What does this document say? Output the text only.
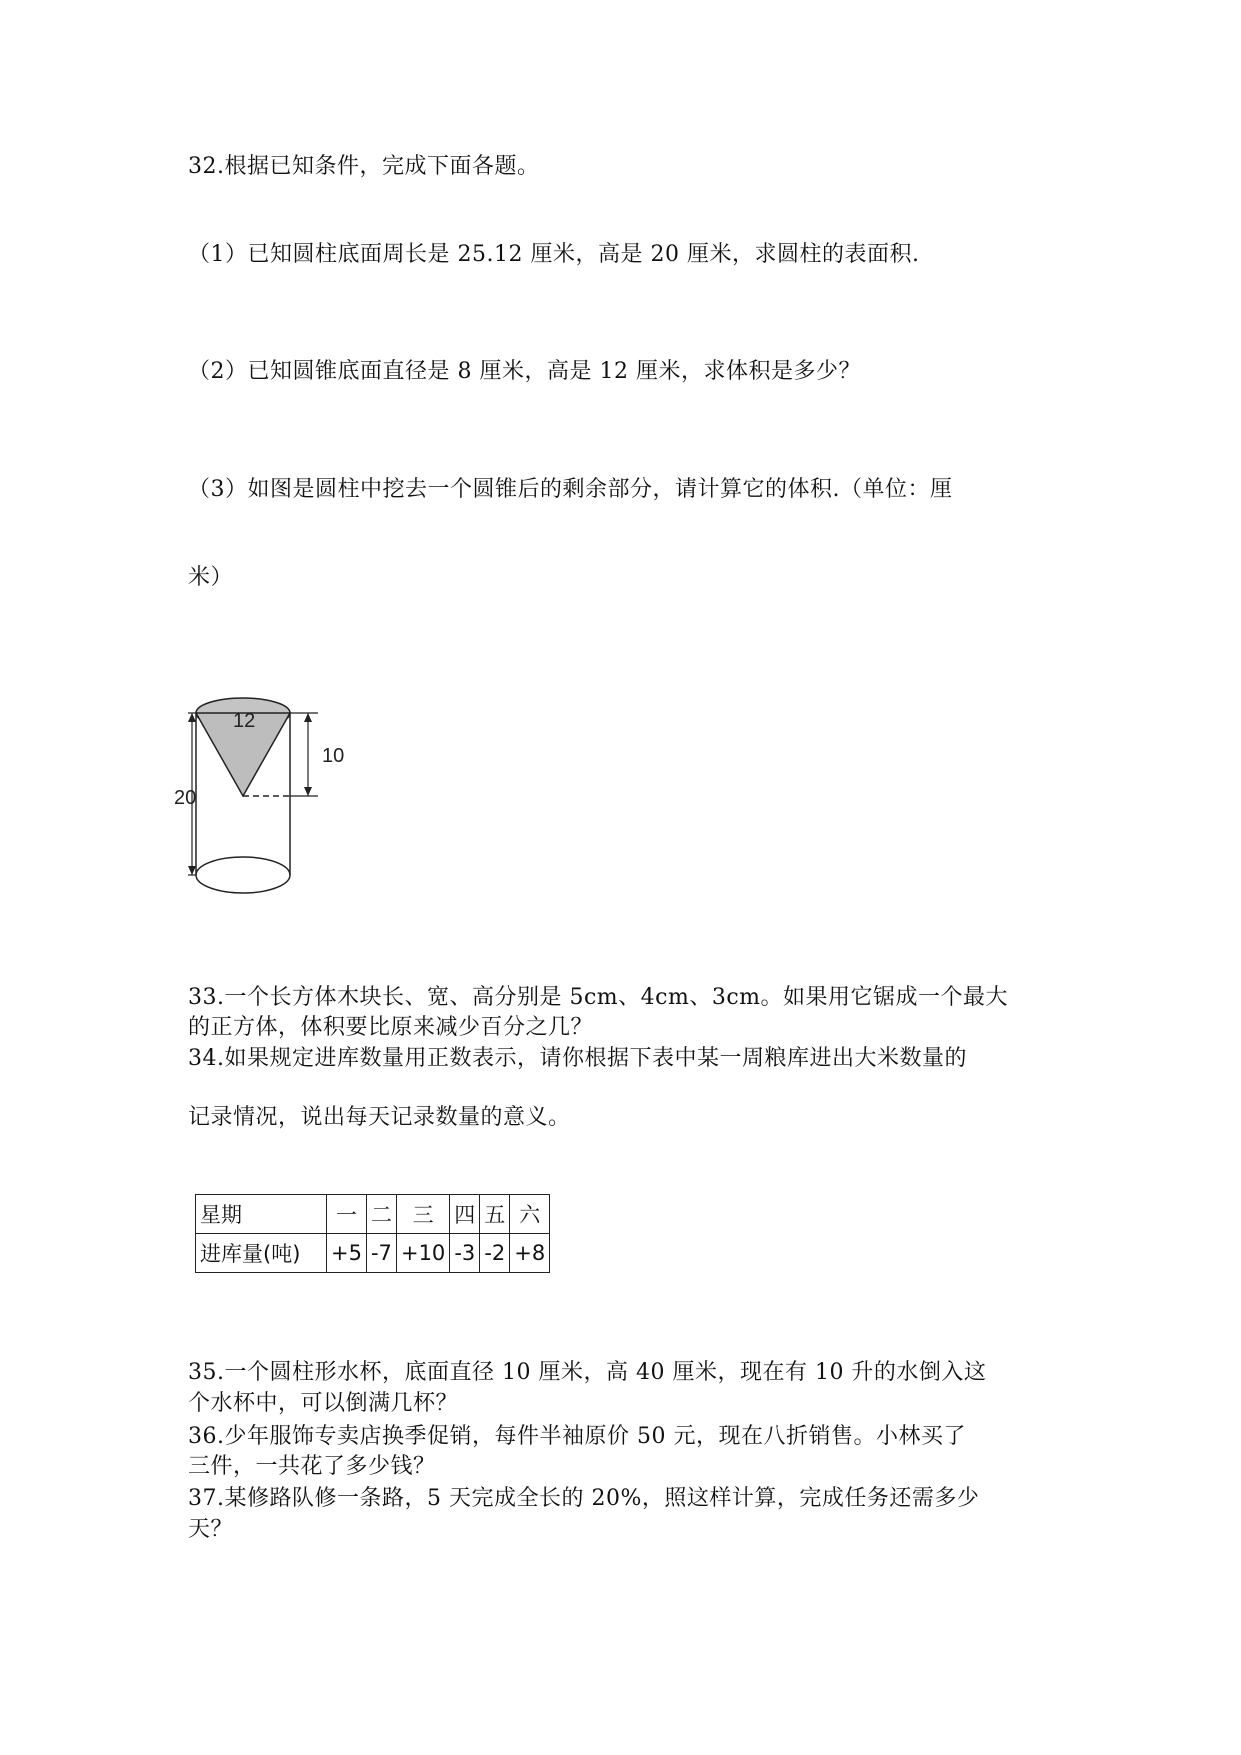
32.根据已知条件，完成下面各题。
（1）已知圆柱底面周长是 25.12 厘米，高是 20 厘米，求圆柱的表面积.
（2）已知圆锥底面直径是 8 厘米，高是 12 厘米，求体积是多少？
（3）如图是圆柱中挖去一个圆锥后的剩余部分，请计算它的体积.（单位：厘
米）
12
10
20
33.一个长方体木块长、宽、高分别是 5cm、4cm、3cm。如果用它锯成一个最大
的正方体，体积要比原来减少百分之几？
34.如果规定进库数量用正数表示，请你根据下表中某一周粮库进出大米数量的
记录情况，说出每天记录数量的意义。
星期	一	二	三	四	五	六
进库量(吨)	+5	-7	+10	-3	-2	+8
35.一个圆柱形水杯，底面直径 10 厘米，高 40 厘米，现在有 10 升的水倒入这
个水杯中，可以倒满几杯？
36.少年服饰专卖店换季促销，每件半袖原价 50 元，现在八折销售。小林买了
三件，一共花了多少钱？
37.某修路队修一条路，5 天完成全长的 20%，照这样计算，完成任务还需多少
天？
